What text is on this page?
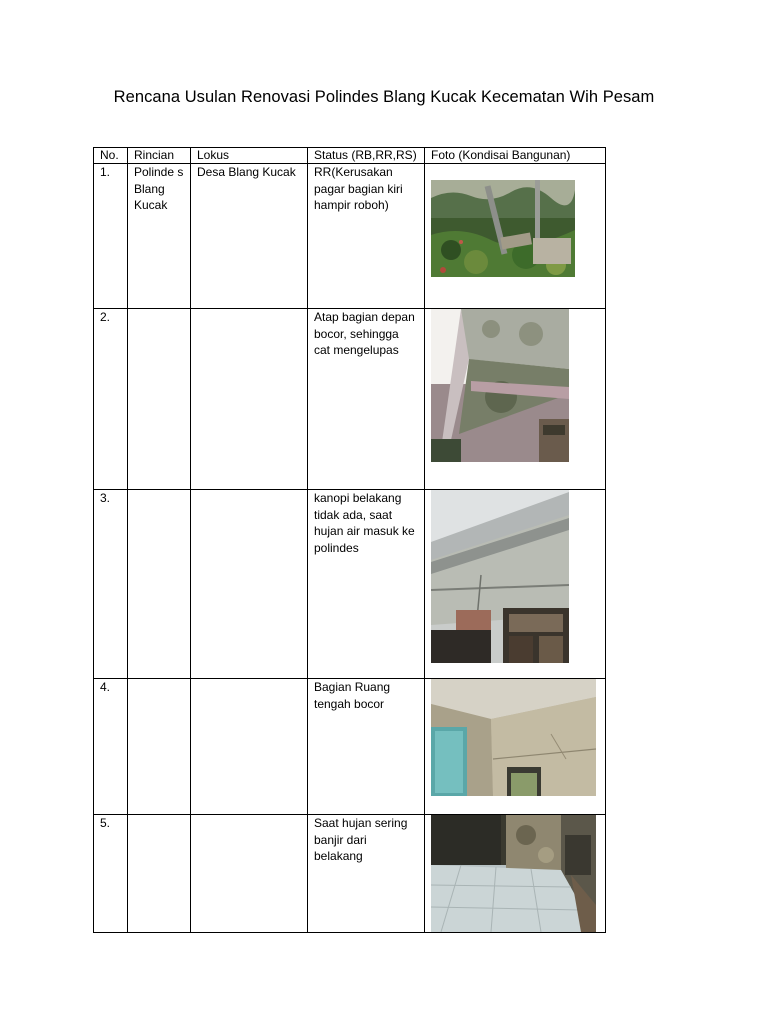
Rencana Usulan Renovasi Polindes Blang Kucak Kecematan Wih Pesam
No.	Rincian	Lokus	Status (RB,RR,RS)	Foto (Kondisai Bangunan)
1.	Polinde s Blang Kucak	Desa Blang Kucak	RR(Kerusakan pagar bagian kiri hampir roboh)	

2.			Atap bagian depan bocor, sehingga cat mengelupas	

3.			kanopi belakang tidak ada, saat hujan air masuk ke polindes	

4.			Bagian Ruang tengah bocor	

5.			Saat hujan sering banjir dari belakang	
